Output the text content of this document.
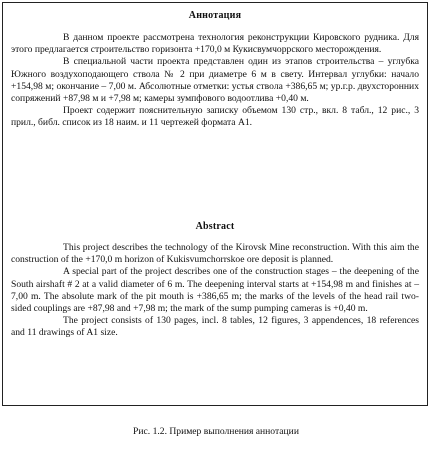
Аннотация

В данном проекте рассмотрена технология реконструкции Кировского рудника. Для этого предлагается строительство горизонта +170,0 м Кукисвумчоррского месторождения.

В специальной части проекта представлен один из этапов строительства – углубка Южного воздухоподающего ствола № 2 при диаметре 6 м в свету. Интервал углубки: начало +154,98 м; окончание – 7,00 м. Абсолютные отметки: устья ствола +386,65 м; ур.г.р. двухсторонних сопряжений +87,98 м и +7,98 м; камеры зумпфового водоотлива +0,40 м.

Проект содержит пояснительную записку объемом 130 стр., вкл. 8 табл., 12 рис., 3 прил., библ. список из 18 наим. и 11 чертежей формата А1.

Abstract

This project describes the technology of the Kirovsk Mine reconstruction. With this aim the construction of the +170,0 m horizon of Kukisvumchorrskoe ore deposit is planned.

A special part of the project describes one of the construction stages – the deepening of the South airshaft # 2 at a valid diameter of 6 m. The deepening interval starts at +154,98 m and finishes at –7,00 m. The absolute mark of the pit mouth is +386,65 m; the marks of the levels of the head rail two-sided couplings are +87,98 and +7,98 m; the mark of the sump pumping cameras is +0,40 m.

The project consists of 130 pages, incl. 8 tables, 12 figures, 3 appendences, 18 references and 11 drawings of A1 size.

Рис. 1.2. Пример выполнения аннотации
